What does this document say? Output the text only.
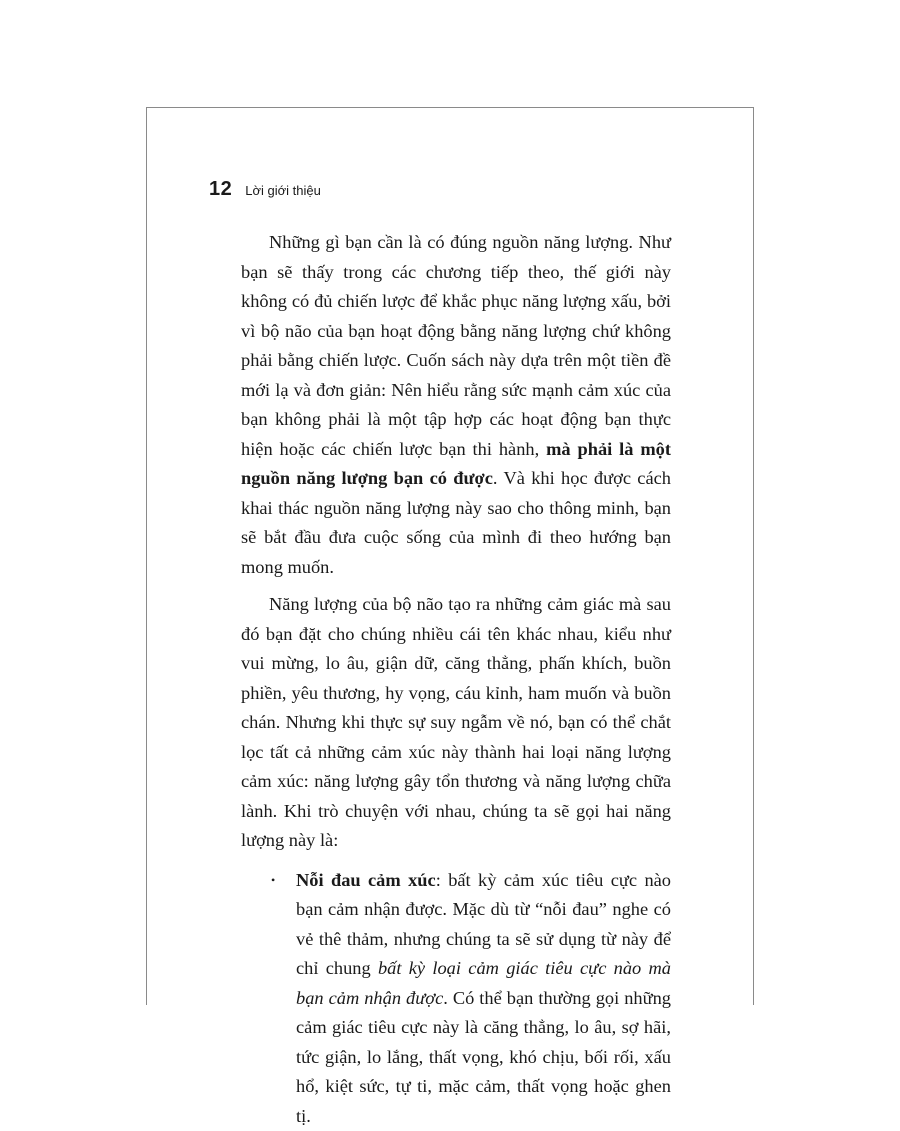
12 Lời giới thiệu

Những gì bạn cần là có đúng nguồn năng lượng. Như bạn sẽ thấy trong các chương tiếp theo, thế giới này không có đủ chiến lược để khắc phục năng lượng xấu, bởi vì bộ não của bạn hoạt động bằng năng lượng chứ không phải bằng chiến lược. Cuốn sách này dựa trên một tiền đề mới lạ và đơn giản: Nên hiểu rằng sức mạnh cảm xúc của bạn không phải là một tập hợp các hoạt động bạn thực hiện hoặc các chiến lược bạn thi hành, mà phải là một nguồn năng lượng bạn có được. Và khi học được cách khai thác nguồn năng lượng này sao cho thông minh, bạn sẽ bắt đầu đưa cuộc sống của mình đi theo hướng bạn mong muốn.

Năng lượng của bộ não tạo ra những cảm giác mà sau đó bạn đặt cho chúng nhiều cái tên khác nhau, kiểu như vui mừng, lo âu, giận dữ, căng thẳng, phấn khích, buồn phiền, yêu thương, hy vọng, cáu kỉnh, ham muốn và buồn chán. Nhưng khi thực sự suy ngẫm về nó, bạn có thể chắt lọc tất cả những cảm xúc này thành hai loại năng lượng cảm xúc: năng lượng gây tổn thương và năng lượng chữa lành. Khi trò chuyện với nhau, chúng ta sẽ gọi hai năng lượng này là:

• Nỗi đau cảm xúc: bất kỳ cảm xúc tiêu cực nào bạn cảm nhận được. Mặc dù từ “nỗi đau” nghe có vẻ thê thảm, nhưng chúng ta sẽ sử dụng từ này để chỉ chung bất kỳ loại cảm giác tiêu cực nào mà bạn cảm nhận được. Có thể bạn thường gọi những cảm giác tiêu cực này là căng thẳng, lo âu, sợ hãi, tức giận, lo lắng, thất vọng, khó chịu, bối rối, xấu hổ, kiệt sức, tự ti, mặc cảm, thất vọng hoặc ghen tị.
